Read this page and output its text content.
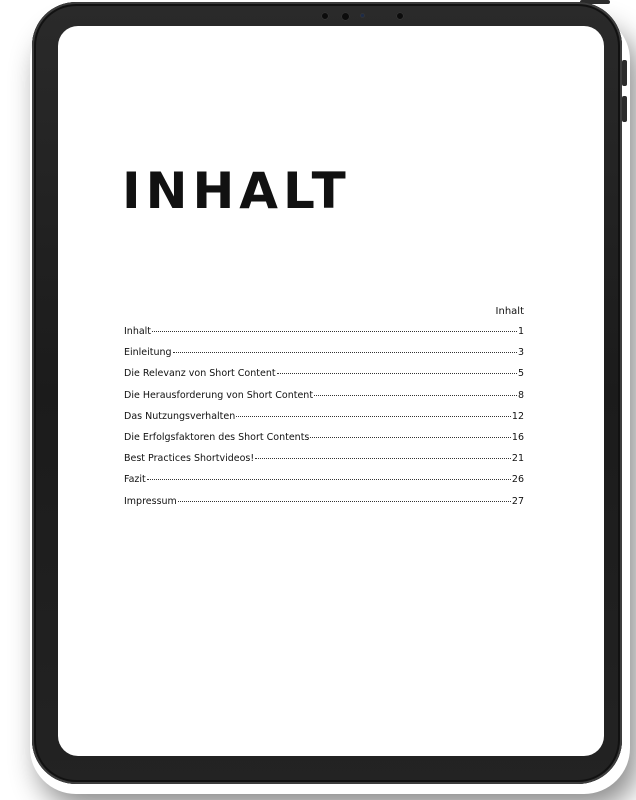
INHALT
Inhalt
Inhalt	1
Einleitung	3
Die Relevanz von Short Content	5
Die Herausforderung von Short Content	8
Das Nutzungsverhalten	12
Die Erfolgsfaktoren des Short Contents	16
Best Practices Shortvideos!	21
Fazit	26
Impressum	27
